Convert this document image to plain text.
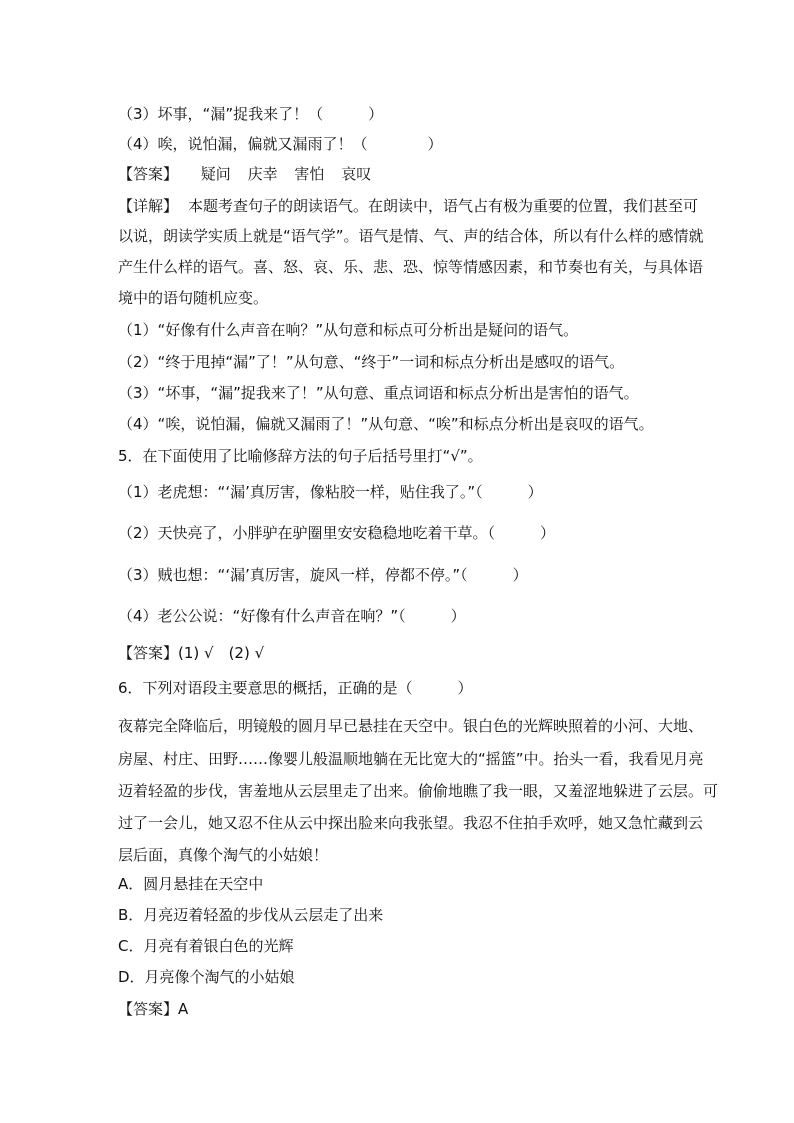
（3）坏事，“漏”捉我来了！（　　　）
（4）唉，说怕漏，偏就又漏雨了！（　　　　）
【答案】 疑问 庆幸 害怕 哀叹
【详解】 本题考查句子的朗读语气。在朗读中，语气占有极为重要的位置，我们甚至可
以说，朗读学实质上就是“语气学”。语气是情、气、声的结合体，所以有什么样的感情就
产生什么样的语气。喜、怒、哀、乐、悲、恐、惊等情感因素，和节奏也有关，与具体语
境中的语句随机应变。
（1）“好像有什么声音在响？”从句意和标点可分析出是疑问的语气。
（2）“终于甩掉“漏”了！”从句意、“终于”一词和标点分析出是感叹的语气。
（3）“坏事，“漏”捉我来了！”从句意、重点词语和标点分析出是害怕的语气。
（4）“唉，说怕漏，偏就又漏雨了！”从句意、“唉”和标点分析出是哀叹的语气。
5．在下面使用了比喻修辞方法的句子后括号里打“√”。
（1）老虎想：“‘漏’真厉害，像粘胶一样，贴住我了。”（　　　）
（2）天快亮了，小胖驴在驴圈里安安稳稳地吃着干草。（　　　）
（3）贼也想：“‘漏’真厉害，旋风一样，停都不停。”（　　　）
（4）老公公说：“好像有什么声音在响？”（　　　）
【答案】(1) √　(2) √
6．下列对语段主要意思的概括，正确的是（　　　）
夜幕完全降临后，明镜般的圆月早已悬挂在天空中。银白色的光辉映照着的小河、大地、
房屋、村庄、田野……像婴儿般温顺地躺在无比宽大的“摇篮”中。抬头一看，我看见月亮
迈着轻盈的步伐，害羞地从云层里走了出来。偷偷地瞧了我一眼，又羞涩地躲进了云层。可
过了一会儿，她又忍不住从云中探出脸来向我张望。我忍不住拍手欢呼，她又急忙藏到云
层后面，真像个淘气的小姑娘！
A．圆月悬挂在天空中
B．月亮迈着轻盈的步伐从云层走了出来
C．月亮有着银白色的光辉
D．月亮像个淘气的小姑娘
【答案】A
